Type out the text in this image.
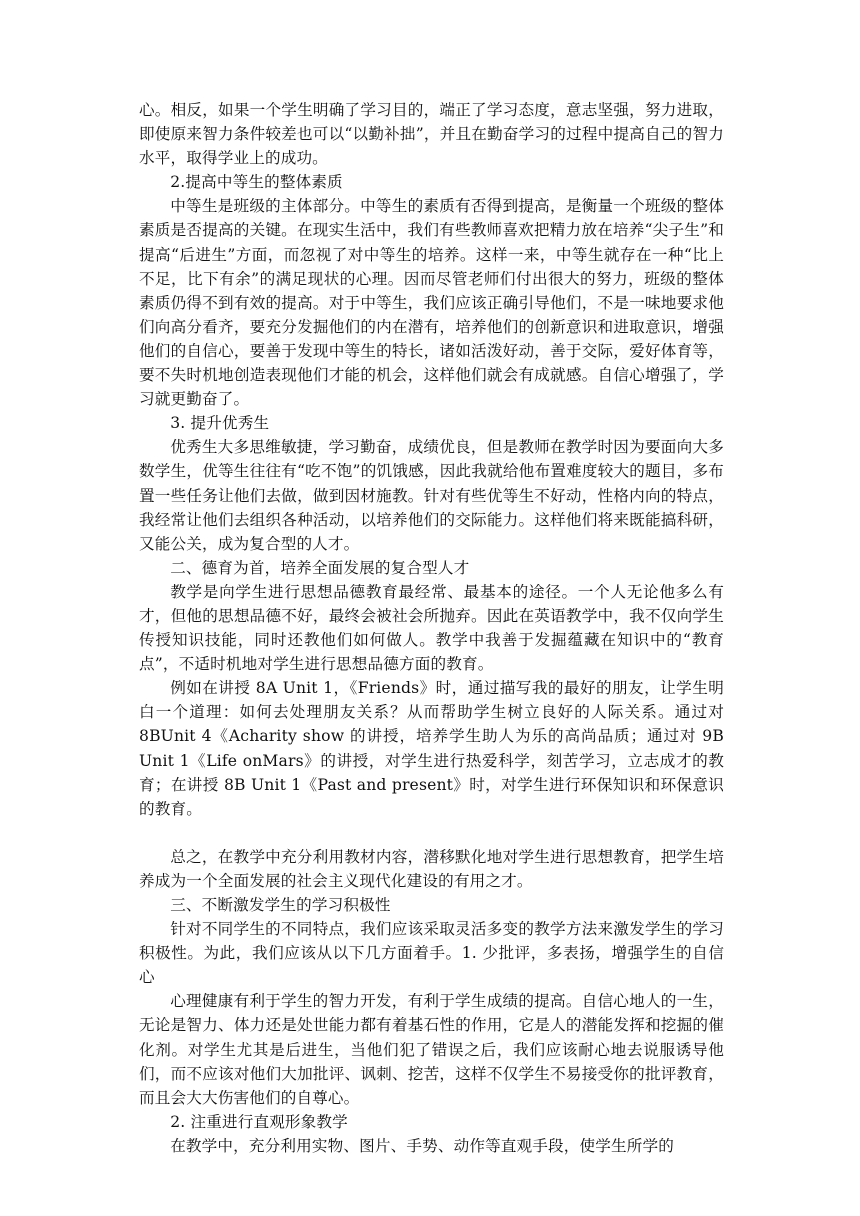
心。相反，如果一个学生明确了学习目的，端正了学习态度，意志坚强，努力进取，即使原来智力条件较差也可以“以勤补拙”，并且在勤奋学习的过程中提高自己的智力水平，取得学业上的成功。

2.提高中等生的整体素质

中等生是班级的主体部分。中等生的素质有否得到提高，是衡量一个班级的整体素质是否提高的关键。在现实生活中，我们有些教师喜欢把精力放在培养“尖子生”和提高“后进生”方面，而忽视了对中等生的培养。这样一来，中等生就存在一种“比上不足，比下有余”的满足现状的心理。因而尽管老师们付出很大的努力，班级的整体素质仍得不到有效的提高。对于中等生，我们应该正确引导他们，不是一味地要求他们向高分看齐，要充分发掘他们的内在潜有，培养他们的创新意识和进取意识，增强他们的自信心，要善于发现中等生的特长，诸如活泼好动，善于交际，爱好体育等，要不失时机地创造表现他们才能的机会，这样他们就会有成就感。自信心增强了，学习就更勤奋了。

3. 提升优秀生

优秀生大多思维敏捷，学习勤奋，成绩优良，但是教师在教学时因为要面向大多数学生，优等生往往有“吃不饱”的饥饿感，因此我就给他布置难度较大的题目，多布置一些任务让他们去做，做到因材施教。针对有些优等生不好动，性格内向的特点，我经常让他们去组织各种活动，以培养他们的交际能力。这样他们将来既能搞科研，又能公关，成为复合型的人才。

二、德育为首，培养全面发展的复合型人才

教学是向学生进行思想品德教育最经常、最基本的途径。一个人无论他多么有才，但他的思想品德不好，最终会被社会所抛弃。因此在英语教学中，我不仅向学生传授知识技能，同时还教他们如何做人。教学中我善于发掘蕴藏在知识中的“教育点”，不适时机地对学生进行思想品德方面的教育。

例如在讲授 8A Unit 1，《Friends》时，通过描写我的最好的朋友，让学生明白一个道理：如何去处理朋友关系？从而帮助学生树立良好的人际关系。通过对 8BUnit 4《Acharity show 的讲授，培养学生助人为乐的高尚品质；通过对 9B Unit 1《Life onMars》的讲授，对学生进行热爱科学，刻苦学习，立志成才的教育；在讲授 8B Unit 1《Past and present》时，对学生进行环保知识和环保意识的教育。

总之，在教学中充分利用教材内容，潜移默化地对学生进行思想教育，把学生培养成为一个全面发展的社会主义现代化建设的有用之才。

三、不断激发学生的学习积极性

针对不同学生的不同特点，我们应该采取灵活多变的教学方法来激发学生的学习积极性。为此，我们应该从以下几方面着手。1. 少批评，多表扬，增强学生的自信心

心理健康有利于学生的智力开发，有利于学生成绩的提高。自信心地人的一生，无论是智力、体力还是处世能力都有着基石性的作用，它是人的潜能发挥和挖掘的催化剂。对学生尤其是后进生，当他们犯了错误之后，我们应该耐心地去说服诱导他们，而不应该对他们大加批评、讽刺、挖苦，这样不仅学生不易接受你的批评教育，而且会大大伤害他们的自尊心。

2. 注重进行直观形象教学

在教学中，充分利用实物、图片、手势、动作等直观手段，使学生所学的
